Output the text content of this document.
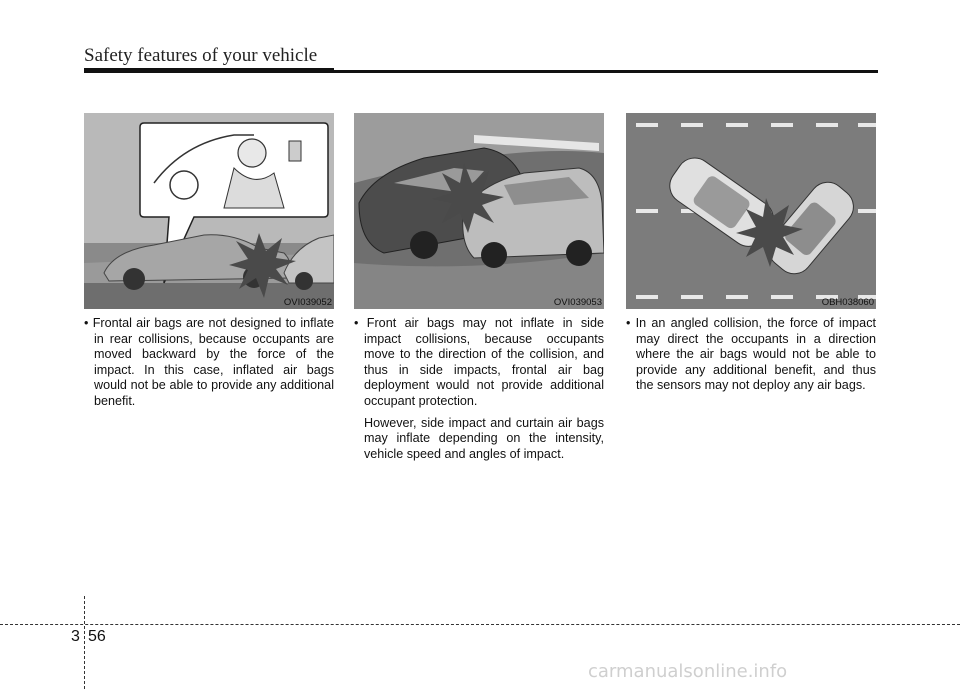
Safety features of your vehicle
OVI039052	OVI039053	OBH038060

• Frontal air bags are not designed to inflate in rear collisions, because occupants are moved backward by the force of the impact. In this case, inflated air bags would not be able to provide any additional benefit.

• Front air bags may not inflate in side impact collisions, because occupants move to the direction of the collision, and thus in side impacts, frontal air bag deployment would not provide additional occupant protection.

However, side impact and curtain air bags may inflate depending on the intensity, vehicle speed and angles of impact.

• In an angled collision, the force of impact may direct the occupants in a direction where the air bags would not be able to provide any additional benefit, and thus the sensors may not deploy any air bags.

3 56
carmanualsonline.info
